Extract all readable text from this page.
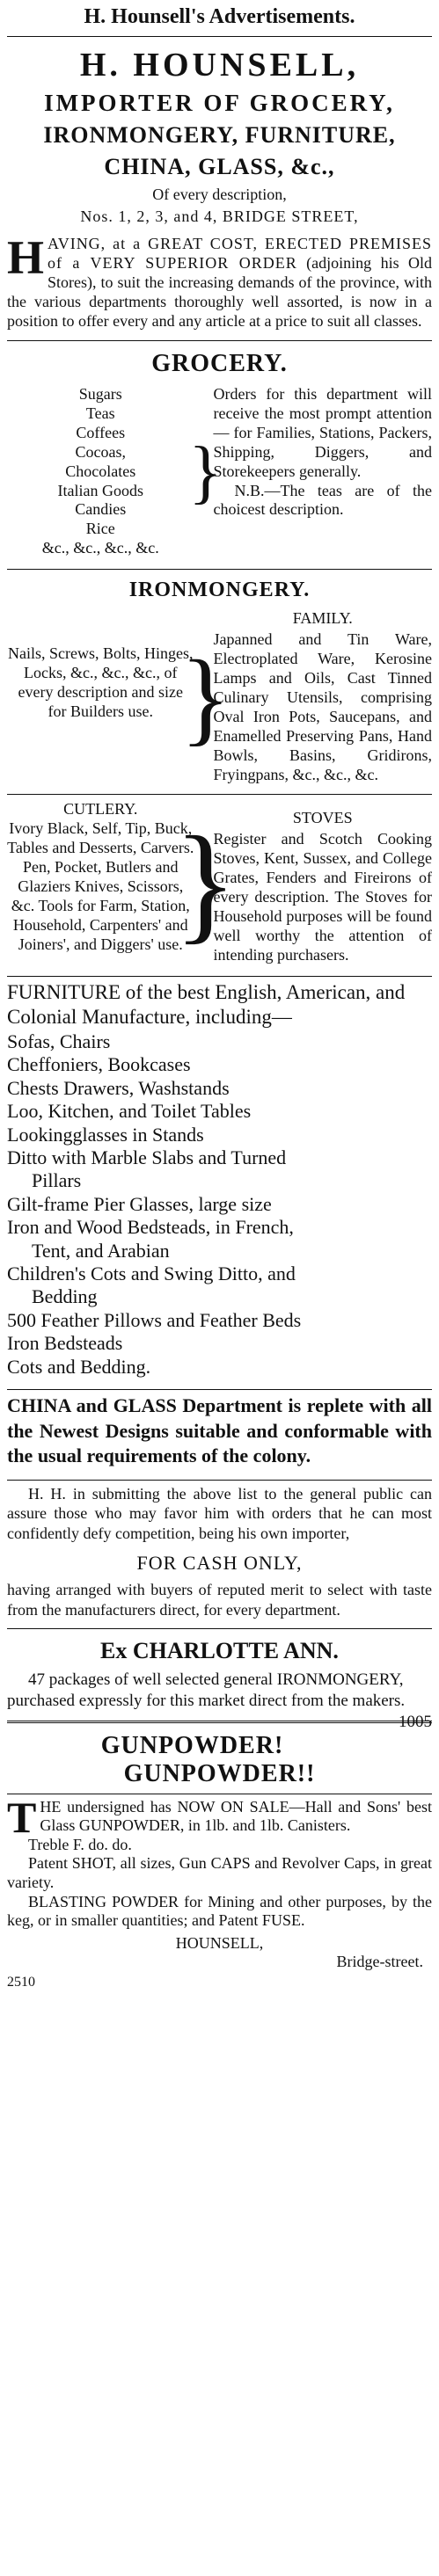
H. Hounsell's Advertisements.
H. HOUNSELL,
IMPORTER OF GROCERY,
IRONMONGERY, FURNITURE,
CHINA, GLASS, &c.,
Of every description,
Nos. 1, 2, 3, and 4, BRIDGE STREET,
H AVING, at a GREAT COST, ERECTED PREMISES of a VERY SUPERIOR ORDER (adjoining his Old Stores), to suit the increasing demands of the province, with the various departments thoroughly well assorted, is now in a position to offer every and any article at a price to suit all classes.
GROCERY.
Sugars
Teas
Coffees
Cocoas,
Chocolates
Italian Goods
Candies
Rice
&c., &c., &c., &c.
}
Orders for this department will receive the most prompt attention — for Families, Stations, Packers, Shipping, Diggers, and Storekeepers generally.
N.B.—The teas are of the choicest description.
IRONMONGERY.
Nails, Screws, Bolts, Hinges, Locks, &c., &c., &c., of every description and size for Builders use. }
FAMILY.
Japanned and Tin Ware, Electroplated Ware, Kerosine Lamps and Oils, Cast Tinned Culinary Utensils, comprising Oval Iron Pots, Saucepans, and Enamelled Preserving Pans, Hand Bowls, Basins, Gridirons, Fryingpans, &c., &c., &c.
CUTLERY.
Ivory Black, Self, Tip, Buck, Tables and Desserts, Carvers. Pen, Pocket, Butlers and Glaziers Knives, Scissors, &c. Tools for Farm, Station, Household, Carpenters' and Joiners', and Diggers' use.
}	STOVES
Register and Scotch Cooking Stoves, Kent, Sussex, and College Grates, Fenders and Fireirons of every description. The Stoves for Household purposes will be found well worthy the attention of intending purchasers.
FURNITURE of the best English, American, and Colonial Manufacture, including—
Sofas, Chairs
Cheffoniers, Bookcases
Chests Drawers, Washstands
Loo, Kitchen, and Toilet Tables
Lookingglasses in Stands
Ditto with Marble Slabs and Turned
Pillars
Gilt-frame Pier Glasses, large size
Iron and Wood Bedsteads, in French,
Tent, and Arabian
Children's Cots and Swing Ditto, and
Bedding
500 Feather Pillows and Feather Beds
Iron Bedsteads
Cots and Bedding.
CHINA and GLASS Department is replete with all the Newest Designs suitable and conformable with the usual requirements of the colony.
H. H. in submitting the above list to the general public can assure those who may favor him with orders that he can most confidently defy competition, being his own importer,
FOR CASH ONLY,
having arranged with buyers of reputed merit to select with taste from the manufacturers direct, for every department.
Ex CHARLOTTE ANN.
47 packages of well selected general IRONMONGERY, purchased expressly for this market direct from the makers.
1005
GUNPOWDER! GUNPOWDER!!
T HE undersigned has NOW ON SALE—Hall and Sons' best Glass GUNPOWDER, in 1lb. and 1lb. Canisters.
Treble F. do. do.
Patent SHOT, all sizes, Gun CAPS and Revolver Caps, in great variety.
BLASTING POWDER for Mining and other purposes, by the keg, or in smaller quantities; and Patent FUSE.
HOUNSELL,
Bridge-street.
2510
